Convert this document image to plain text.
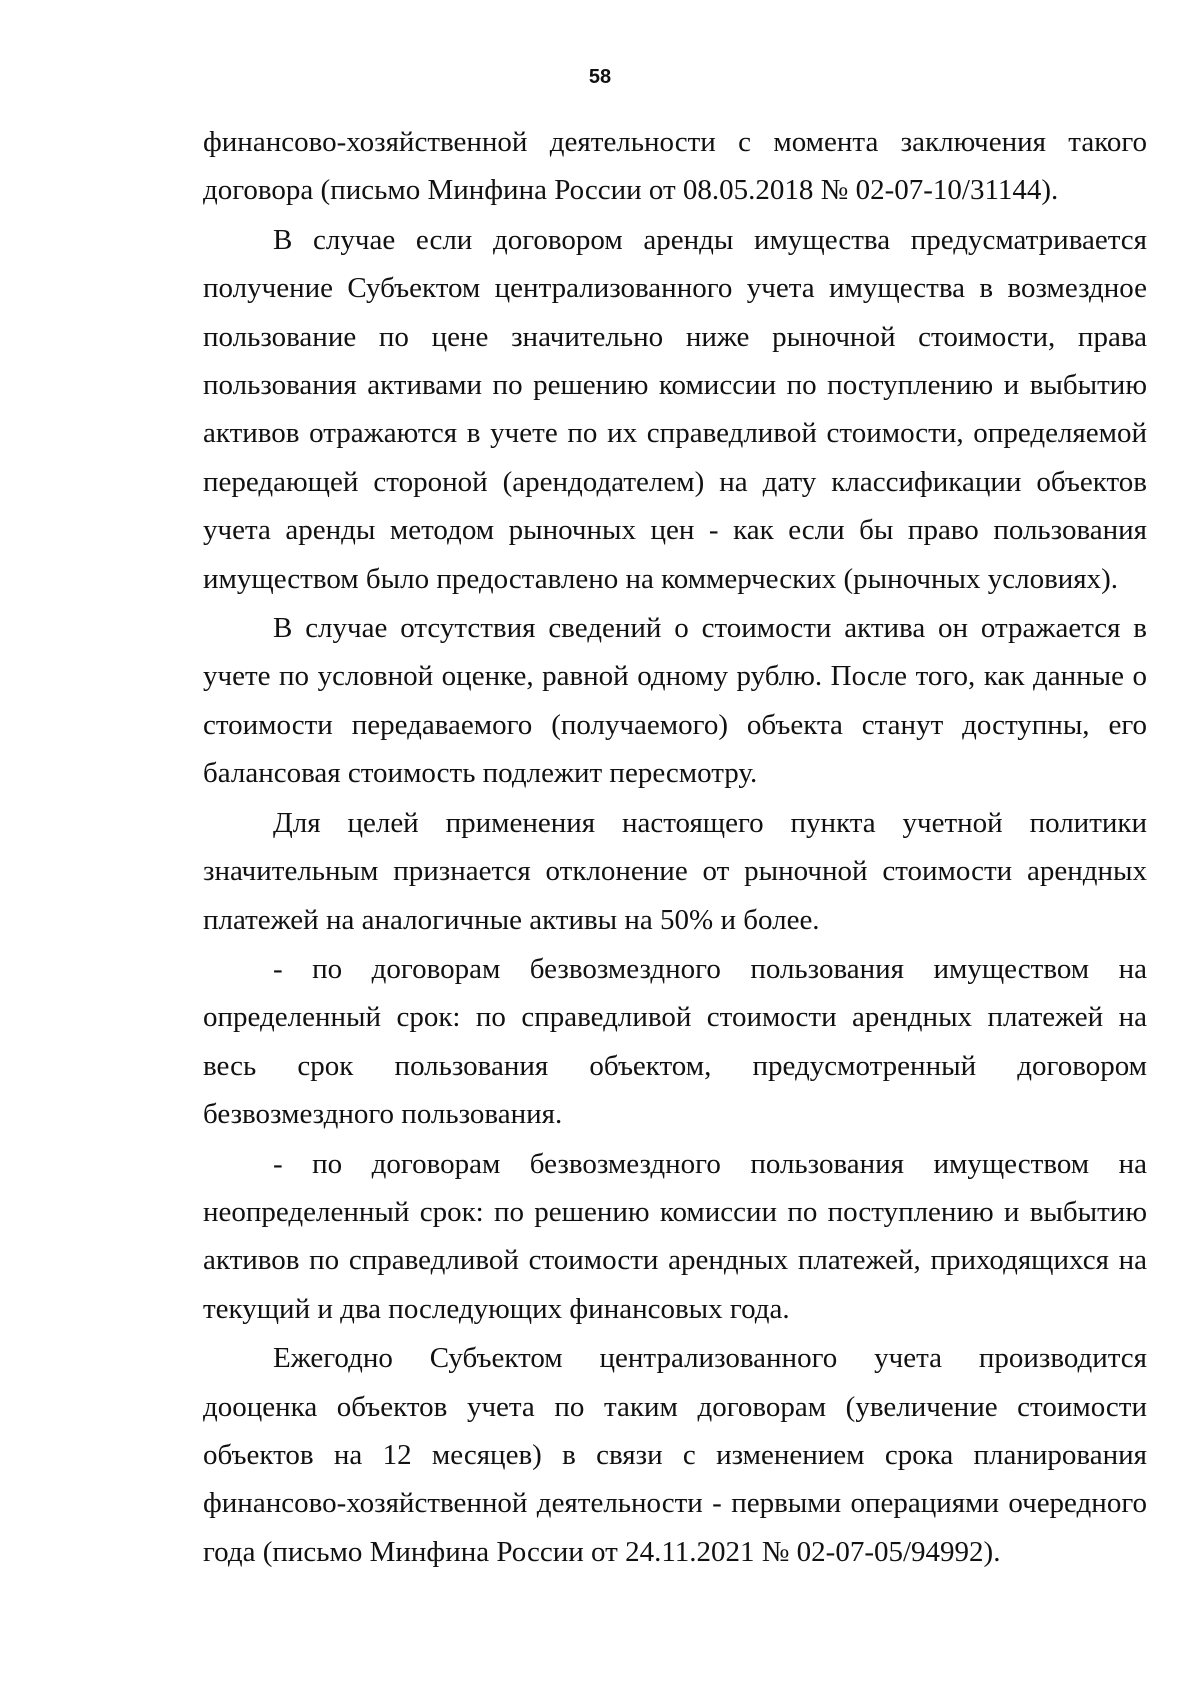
58

финансово-хозяйственной деятельности с момента заключения такого договора (письмо Минфина России от 08.05.2018 № 02-07-10/31144).

В случае если договором аренды имущества предусматривается получение Субъектом централизованного учета имущества в возмездное пользование по цене значительно ниже рыночной стоимости, права пользования активами по решению комиссии по поступлению и выбытию активов отражаются в учете по их справедливой стоимости, определяемой передающей стороной (арендодателем) на дату классификации объектов учета аренды методом рыночных цен - как если бы право пользования имуществом было предоставлено на коммерческих (рыночных условиях).

В случае отсутствия сведений о стоимости актива он отражается в учете по условной оценке, равной одному рублю. После того, как данные о стоимости передаваемого (получаемого) объекта станут доступны, его балансовая стоимость подлежит пересмотру.

Для целей применения настоящего пункта учетной политики значительным признается отклонение от рыночной стоимости арендных платежей на аналогичные активы на 50% и более.

- по договорам безвозмездного пользования имуществом на определенный срок: по справедливой стоимости арендных платежей на весь срок пользования объектом, предусмотренный договором безвозмездного пользования.

- по договорам безвозмездного пользования имуществом на неопределенный срок: по решению комиссии по поступлению и выбытию активов по справедливой стоимости арендных платежей, приходящихся на текущий и два последующих финансовых года.

Ежегодно Субъектом централизованного учета производится дооценка объектов учета по таким договорам (увеличение стоимости объектов на 12 месяцев) в связи с изменением срока планирования финансово-хозяйственной деятельности - первыми операциями очередного года (письмо Минфина России от 24.11.2021 № 02-07-05/94992).
